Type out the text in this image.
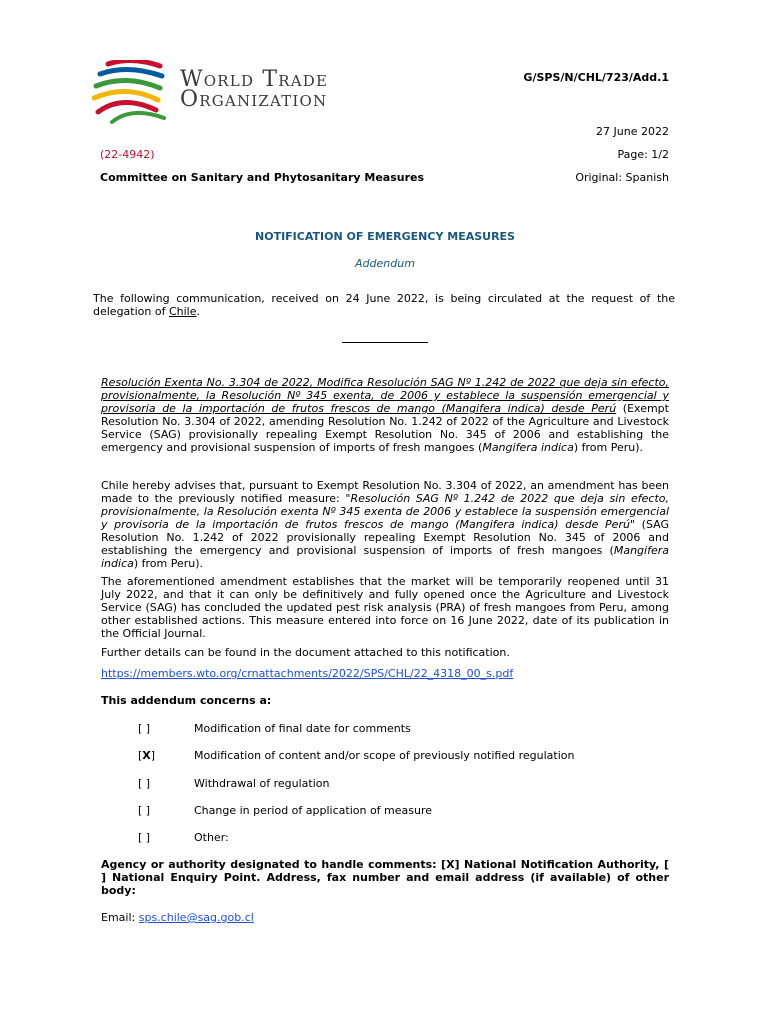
World Trade
Organization
G/SPS/N/CHL/723/Add.1
27 June 2022
(22-4942)	Page: 1/2
Committee on Sanitary and Phytosanitary Measures	Original: Spanish
NOTIFICATION OF EMERGENCY MEASURES
Addendum
The following communication, received on 24 June 2022, is being circulated at the request of the delegation of Chile.
Resolución Exenta No. 3.304 de 2022, Modifica Resolución SAG Nº 1.242 de 2022 que deja sin efecto, provisionalmente, la Resolución Nº 345 exenta, de 2006 y establece la suspensión emergencial y provisoria de la importación de frutos frescos de mango (Mangifera indica) desde Perú (Exempt Resolution No. 3.304 of 2022, amending Resolution No. 1.242 of 2022 of the Agriculture and Livestock Service (SAG) provisionally repealing Exempt Resolution No. 345 of 2006 and establishing the emergency and provisional suspension of imports of fresh mangoes (Mangifera indica) from Peru).
Chile hereby advises that, pursuant to Exempt Resolution No. 3.304 of 2022, an amendment has been made to the previously notified measure: "Resolución SAG Nº 1.242 de 2022 que deja sin efecto, provisionalmente, la Resolución exenta Nº 345 exenta de 2006 y establece la suspensión emergencial y provisoria de la importación de frutos frescos de mango (Mangifera indica) desde Perú" (SAG Resolution No. 1.242 of 2022 provisionally repealing Exempt Resolution No. 345 of 2006 and establishing the emergency and provisional suspension of imports of fresh mangoes (Mangifera indica) from Peru).
The aforementioned amendment establishes that the market will be temporarily reopened until 31 July 2022, and that it can only be definitively and fully opened once the Agriculture and Livestock Service (SAG) has concluded the updated pest risk analysis (PRA) of fresh mangoes from Peru, among other established actions. This measure entered into force on 16 June 2022, date of its publication in the Official Journal.
Further details can be found in the document attached to this notification.
https://members.wto.org/crnattachments/2022/SPS/CHL/22_4318_00_s.pdf
This addendum concerns a:
[ ]	Modification of final date for comments
[X]	Modification of content and/or scope of previously notified regulation
[ ]	Withdrawal of regulation
[ ]	Change in period of application of measure
[ ]	Other:
Agency or authority designated to handle comments: [X] National Notification Authority, [ ] National Enquiry Point. Address, fax number and email address (if available) of other body:
Email: sps.chile@sag.gob.cl
